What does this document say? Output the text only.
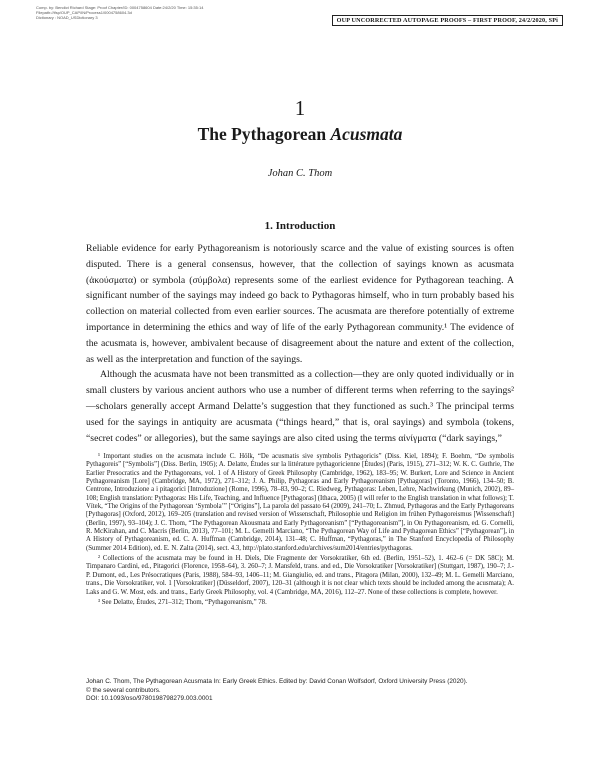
Comp. by: Bendict Richard Stage: Proof Chapter/ID: 0004758604 Date:24/2/20 Time: 15:35:14
Filepath://ifsp/OUP_CAP/IN/Process1/0004758604.3d
Dictionary : NOAD_USDictionary 3	OUP UNCORRECTED AUTOPAGE PROOFS – FIRST PROOF, 24/2/2020, SPi
1
The Pythagorean Acusmata
Johan C. Thom
1. Introduction

Reliable evidence for early Pythagoreanism is notoriously scarce and the value of existing sources is often disputed. There is a general consensus, however, that the collection of sayings known as acusmata (ἀκούσματα) or symbola (σύμβολα) represents some of the earliest evidence for Pythagorean teaching. A significant number of the sayings may indeed go back to Pythagoras himself, who in turn probably based his collection on material collected from even earlier sources. The acusmata are therefore potentially of extreme importance in determining the ethics and way of life of the early Pythagorean community.¹ The evidence of the acusmata is, however, ambivalent because of disagreement about the nature and extent of the collection, as well as the interpretation and function of the sayings.

Although the acusmata have not been transmitted as a collection—they are only quoted individually or in small clusters by various ancient authors who use a number of different terms when referring to the sayings²—scholars generally accept Armand Delatte’s suggestion that they functioned as such.³ The principal terms used for the sayings in antiquity are acusmata (“things heard,” that is, oral sayings) and symbola (tokens, “secret codes” or allegories), but the same sayings are also cited using the terms αἰνίγματα (“dark sayings,”

¹ Important studies on the acusmata include C. Hölk, “De acusmatis sive symbolis Pythagoricis” (Diss. Kiel, 1894); F. Boehm, “De symbolis Pythagoreis” [“Symbolis”] (Diss. Berlin, 1905); A. Delatte, Études sur la littérature pythagoricienne [Études] (Paris, 1915), 271–312; W. K. C. Guthrie, The Earlier Presocratics and the Pythagoreans, vol. 1 of A History of Greek Philosophy (Cambridge, 1962), 183–95; W. Burkert, Lore and Science in Ancient Pythagoreanism [Lore] (Cambridge, MA, 1972), 271–312; J. A. Philip, Pythagoras and Early Pythagoreanism [Pythagoras] (Toronto, 1966), 134–50; B. Centrone, Introduzione a i pitagorici [Introduzione] (Rome, 1996), 78–83, 90–2; C. Riedweg, Pythagoras: Leben, Lehre, Nachwirkung (Munich, 2002), 89–108; English translation: Pythagoras: His Life, Teaching, and Influence [Pythagoras] (Ithaca, 2005) (I will refer to the English translation in what follows); T. Vítek, “The Origins of the Pythagorean ‘Symbola’” [“Origins”], La parola del passato 64 (2009), 241–70; L. Zhmud, Pythagoras and the Early Pythagoreans [Pythagoras] (Oxford, 2012), 169–205 (translation and revised version of Wissenschaft, Philosophie und Religion im frühen Pythagoreismus [Wissenschaft] (Berlin, 1997), 93–104); J. C. Thom, “The Pythagorean Akousmata and Early Pythagoreanism” [“Pythagoreanism”], in On Pythagoreanism, ed. G. Cornelli, R. McKirahan, and C. Macris (Berlin, 2013), 77–101; M. L. Gemelli Marciano, “The Pythagorean Way of Life and Pythagorean Ethics” [“Pythagorean”], in A History of Pythagoreanism, ed. C. A. Huffman (Cambridge, 2014), 131–48; C. Huffman, “Pythagoras,” in The Stanford Encyclopedia of Philosophy (Summer 2014 Edition), ed. E. N. Zalta (2014), sect. 4.3, http://plato.stanford.edu/archives/sum2014/entries/pythagoras.

² Collections of the acusmata may be found in H. Diels, Die Fragmente der Vorsokratiker, 6th ed. (Berlin, 1951–52), 1. 462–6 (= DK 58C); M. Timpanaro Cardini, ed., Pitagorici (Florence, 1958–64), 3. 260–7; J. Mansfeld, trans. and ed., Die Vorsokratiker [Vorsokratiker] (Stuttgart, 1987), 190–7; J.-P. Dumont, ed., Les Présocratiques (Paris, 1988), 584–93, 1406–11; M. Giangiulio, ed. and trans., Pitagora (Milan, 2000), 132–49; M. L. Gemelli Marciano, trans., Die Vorsokratiker, vol. 1 [Vorsokratiker] (Düsseldorf, 2007), 120–31 (although it is not clear which texts should be included among the acusmata); A. Laks and G. W. Most, eds. and trans., Early Greek Philosophy, vol. 4 (Cambridge, MA, 2016), 112–27. None of these collections is complete, however.

³ See Delatte, Études, 271–312; Thom, “Pythagoreanism,” 78.

Johan C. Thom, The Pythagorean Acusmata In: Early Greek Ethics. Edited by: David Conan Wolfsdorf, Oxford University Press (2020).
© the several contributors.
DOI: 10.1093/oso/9780198798279.003.0001
